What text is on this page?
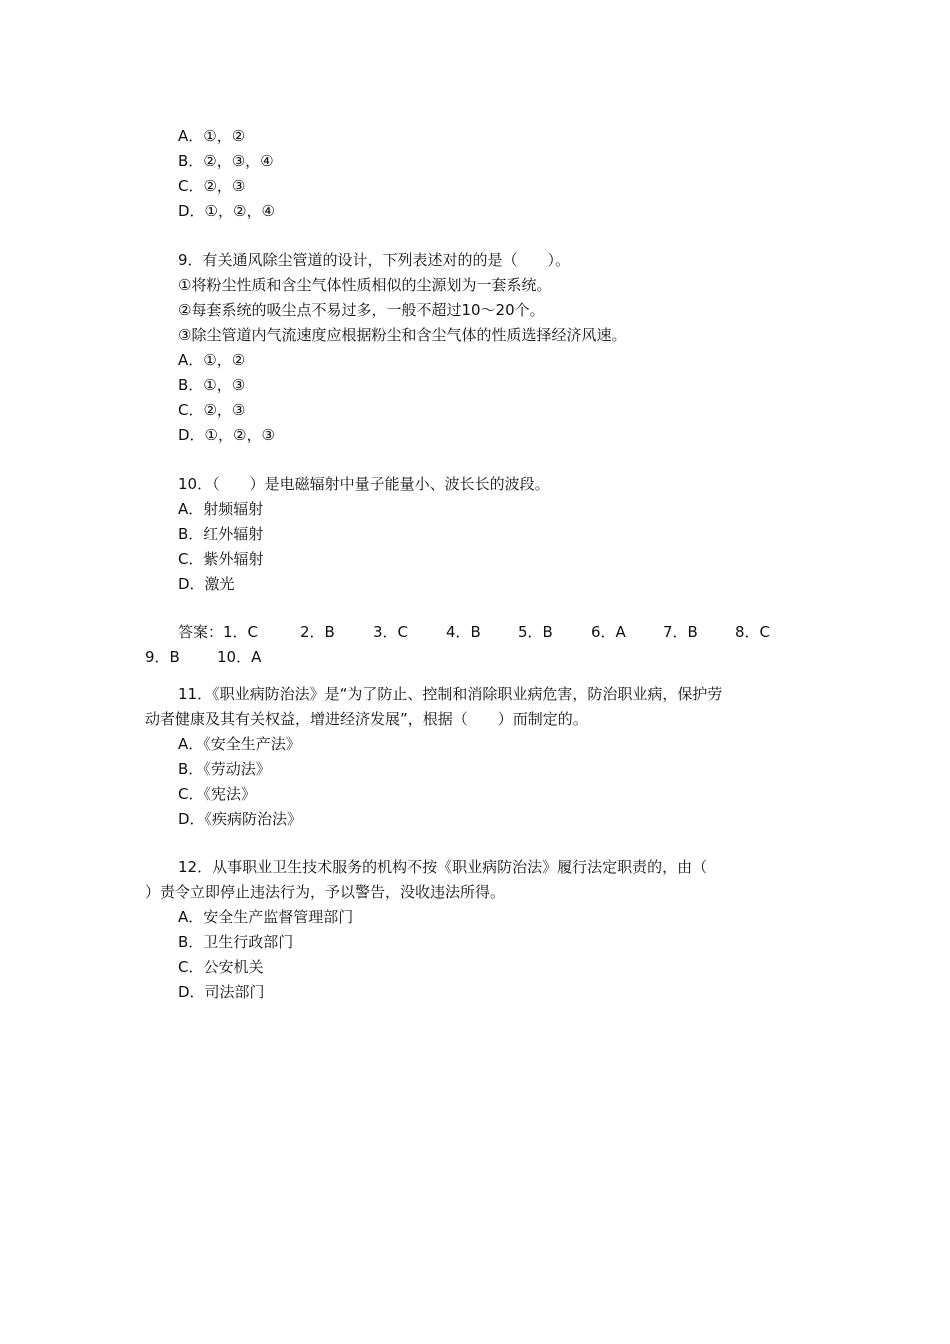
A．①，②
B．②，③，④
C．②，③
D．①，②，④
9．有关通风除尘管道的设计，下列表述对的的是（　　）。
①将粉尘性质和含尘气体性质相似的尘源划为一套系统。
②每套系统的吸尘点不易过多，一般不超过10～20个。
③除尘管道内气流速度应根据粉尘和含尘气体的性质选择经济风速。
A．①，②
B．①，③
C．②，③
D．①，②，③
10．（　　）是电磁辐射中量子能量小、波长长的波段。
A．射频辐射
B．红外辐射
C．紫外辐射
D．激光
答案：1．C	2．B	3．C	4．B 5．B	6．A 7．B 8．C
9．B 10．A
11．《职业病防治法》是“为了防止、控制和消除职业病危害，防治职业病，保护劳
动者健康及其有关权益，增进经济发展”，根据（　　）而制定的。
A．《安全生产法》
B．《劳动法》
C．《宪法》
D．《疾病防治法》
12．从事职业卫生技术服务的机构不按《职业病防治法》履行法定职责的，由（
）责令立即停止违法行为，予以警告，没收违法所得。
A．安全生产监督管理部门
B．卫生行政部门
C．公安机关
D．司法部门
